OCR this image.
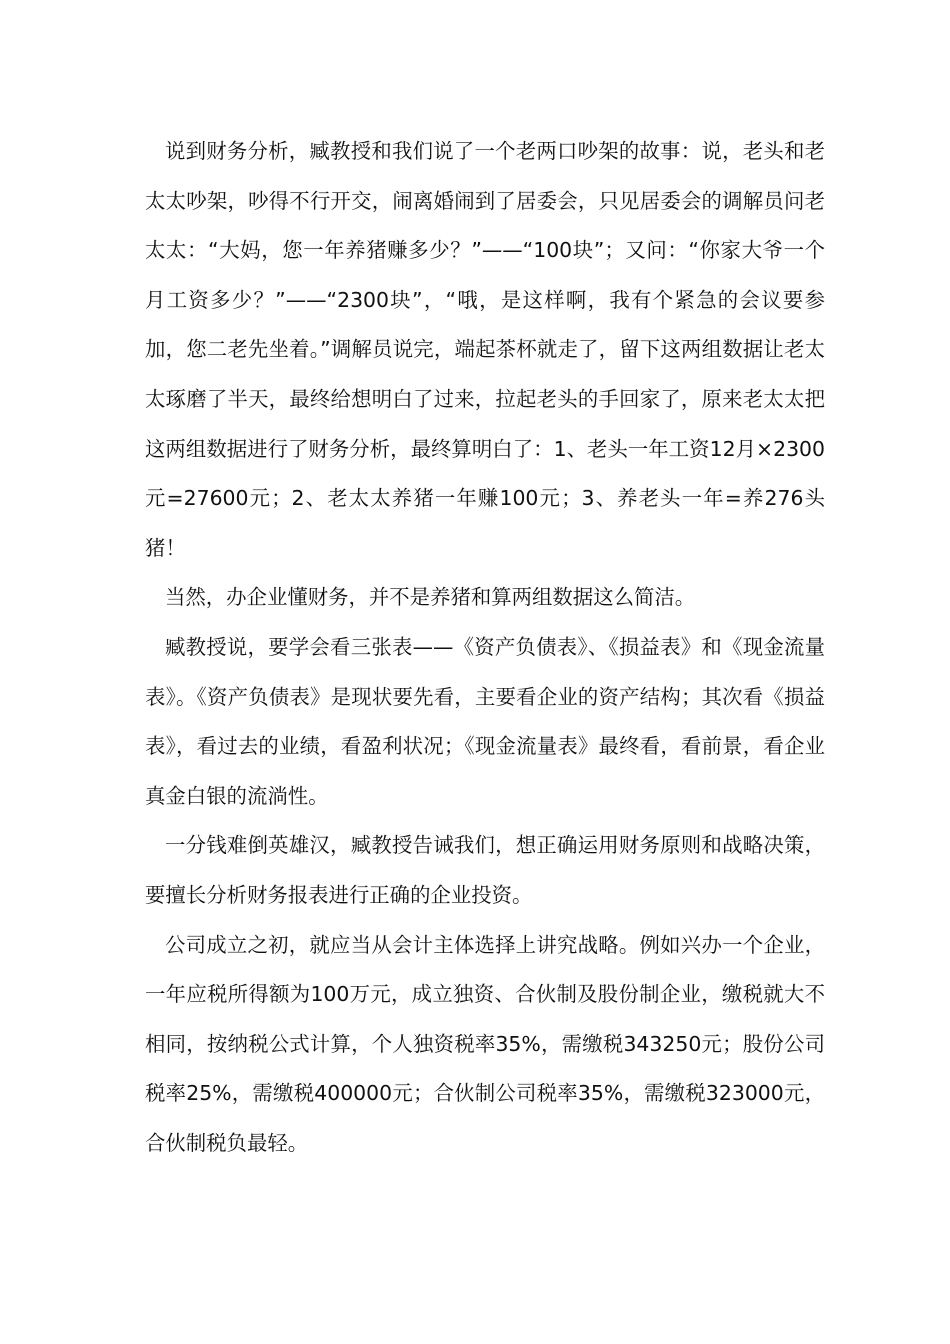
说到财务分析，臧教授和我们说了一个老两口吵架的故事：说，老头和老太太吵架，吵得不行开交，闹离婚闹到了居委会，只见居委会的调解员问老太太：“大妈，您一年养猪赚多少？”——“100块”；又问：“你家大爷一个月工资多少？”——“2300块”，“哦，是这样啊，我有个紧急的会议要参加，您二老先坐着。”调解员说完，端起茶杯就走了，留下这两组数据让老太太琢磨了半天，最终给想明白了过来，拉起老头的手回家了，原来老太太把这两组数据进行了财务分析，最终算明白了：1、老头一年工资12月×2300元=27600元；2、老太太养猪一年赚100元；3、养老头一年=养276头猪！

当然，办企业懂财务，并不是养猪和算两组数据这么简洁。

臧教授说，要学会看三张表——《资产负债表》、《损益表》和《现金流量表》。《资产负债表》是现状要先看，主要看企业的资产结构；其次看《损益表》，看过去的业绩，看盈利状况；《现金流量表》最终看，看前景，看企业真金白银的流淌性。

一分钱难倒英雄汉，臧教授告诫我们，想正确运用财务原则和战略决策，要擅长分析财务报表进行正确的企业投资。

公司成立之初，就应当从会计主体选择上讲究战略。例如兴办一个企业，一年应税所得额为100万元，成立独资、合伙制及股份制企业，缴税就大不相同，按纳税公式计算，个人独资税率35%，需缴税343250元；股份公司税率25%，需缴税400000元；合伙制公司税率35%，需缴税323000元，合伙制税负最轻。
